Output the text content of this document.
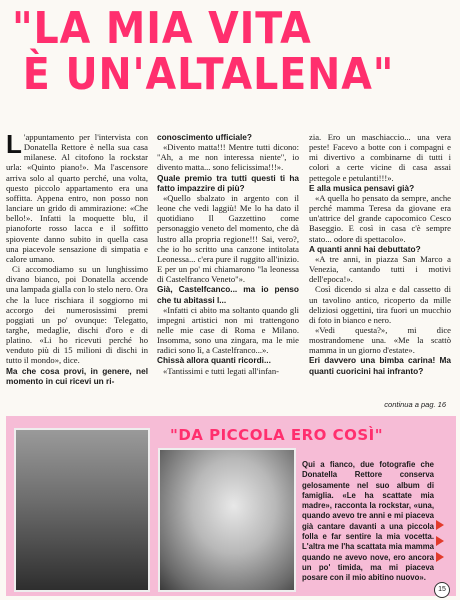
"LA MIA VITA
È UN'ALTALENA"

L 'appuntamento per l'intervista con Donatella Rettore è nella sua casa milanese. Al citofono la rockstar urla: «Quinto piano!». Ma l'ascensore arriva solo al quarto perché, una volta, questo piccolo appartamento era una soffitta. Appena entro, non posso non lanciare un grido di ammirazione: «Che bello!». Infatti la moquette blu, il pianoforte rosso lacca e il soffitto spiovente danno subito in quella casa una piacevole sensazione di simpatia e calore umano.

Ci accomodiamo su un lunghissimo divano bianco, poi Donatella accende una lampada gialla con lo stelo nero. Ora che la luce rischiara il soggiorno mi accorgo dei numerosissimi premi poggiati un po' ovunque: Telegatto, targhe, medaglie, dischi d'oro e di platino. «Li ho ricevuti perché ho venduto più di 15 milioni di dischi in tutto il mondo», dice.

Ma che cosa provi, in genere, nel momento in cui ricevi un ri-

conoscimento ufficiale?

«Divento matta!!! Mentre tutti dicono: "Ah, a me non interessa niente", io divento matta... sono felicissima!!!».

Quale premio tra tutti questi ti ha fatto impazzire di più?

«Quello sbalzato in argento con il leone che vedi laggiù! Me lo ha dato il quotidiano Il Gazzettino come personaggio veneto del momento, che dà lustro alla propria regione!!! Sai, vero?, che io ho scritto una canzone intitolata Leonessa... c'era pure il ruggito all'inizio. E per un po' mi chiamarono "la leonessa di Castelfranco Veneto"».

Già, Castelfcanco... ma io penso che tu abitassi l...

«Infatti ci abito ma soltanto quando gli impegni artistici non mi trattengono nelle mie case di Roma e Milano. Insomma, sono una zingara, ma le mie radici sono lì, a Castelfranco...».

Chissà allora quanti ricordi...

«Tantissimi e tutti legati all'infan-

zia. Ero un maschiaccio... una vera peste! Facevo a botte con i compagni e mi divertivo a combinarne di tutti i colori a certe vicine di casa assai pettegole e petulanti!!!».

E alla musica pensavi già?

«A quella ho pensato da sempre, anche perché mamma Teresa da giovane era un'attrice del grande capocomico Cesco Baseggio. E così in casa c'è sempre stato... odore di spettacolo».

A quanti anni hai debuttato?

«A tre anni, in piazza San Marco a Venezia, cantando tutti i motivi dell'epoca!».

Così dicendo si alza e dal cassetto di un tavolino antico, ricoperto da mille deliziosi oggettini, tira fuori un mucchio di foto in bianco e nero.

«Vedi questa?», mi dice mostrandomene una. «Me la scattò mamma in un giorno d'estate».

Eri davvero una bimba carina! Ma quanti cuoricini hai infranto?

continua a pag. 16
"DA PICCOLA ERO COSÌ"
Qui a fianco, due fotografie che Donatella Rettore conserva gelosamente nel suo album di famiglia. «Le ha scattate mia madre», racconta la rockstar, «una, quando avevo tre anni e mi piaceva già cantare davanti a una piccola folla e far sentire la mia vocetta. L'altra me l'ha scattata mia mamma quando ne avevo nove, ero ancora un po' timida, ma mi piaceva posare con il mio abitino nuovo».
15
